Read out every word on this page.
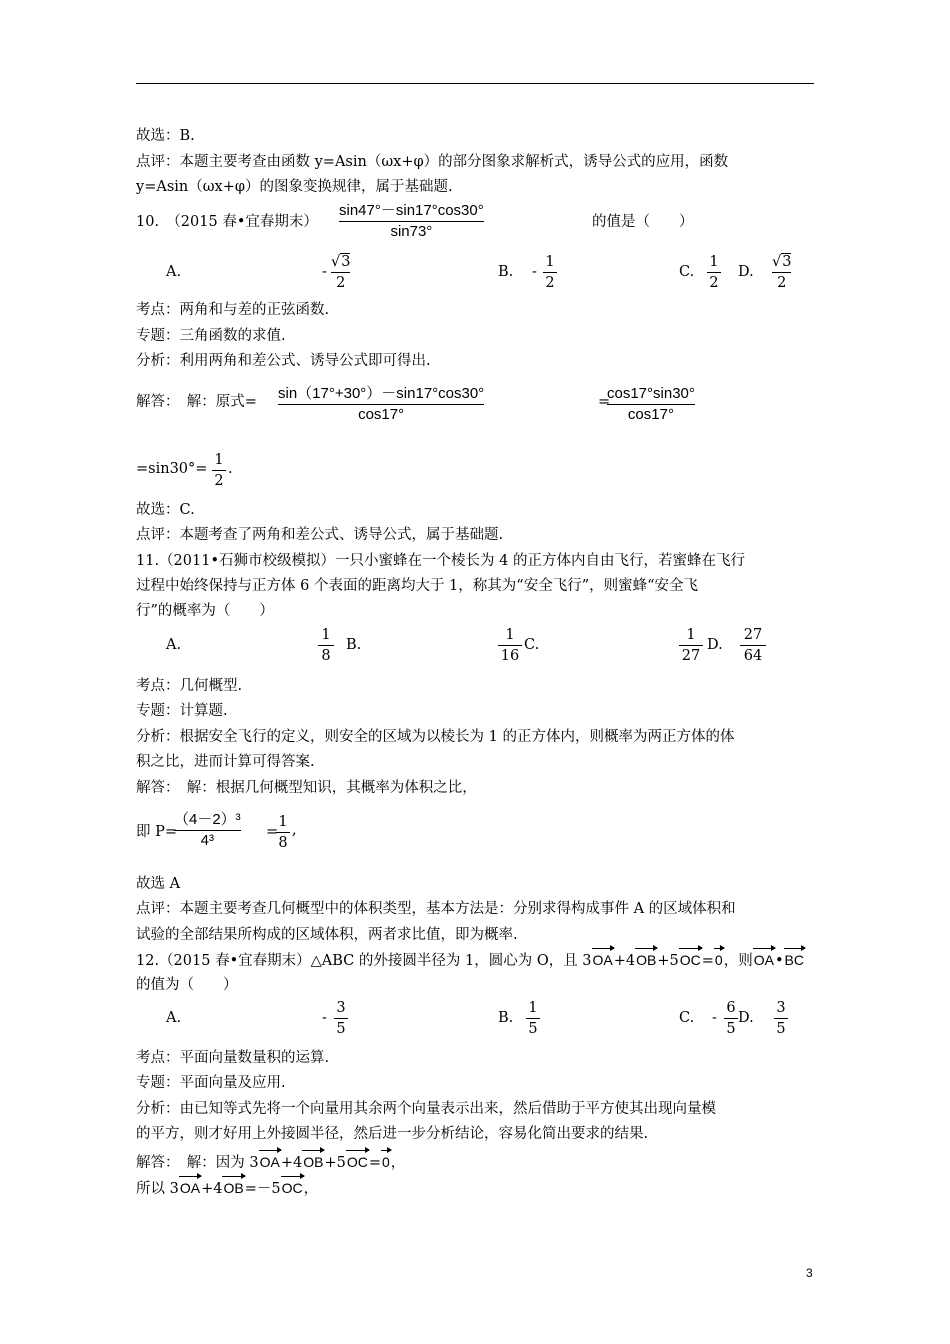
故选：B.
点评：本题主要考查由函数 y=Asin（ωx+φ）的部分图象求解析式，诱导公式的应用，函数
y=Asin（ωx+φ）的图象变换规律，属于基础题.
10.　（2015 春•宜春期末）
sin47°－sin17°cos30°
sin73°
的值是（　　）
A.	-
√3
2
B. -
1
2
C.
1
2
D.
√3
2
考点：两角和与差的正弦函数.
专题：三角函数的求值.
分析：利用两角和差公式、诱导公式即可得出.
解答：　解：原式= sin（17°+30°）－sin17°cos30°
cos17°
=
cos17°sin30°
cos17°
=sin30°=
1
2
.
故选：C.
点评：本题考查了两角和差公式、诱导公式，属于基础题.
11.（2011•石狮市校级模拟）一只小蜜蜂在一个棱长为 4 的正方体内自由飞行，若蜜蜂在飞行
过程中始终保持与正方体 6 个表面的距离均大于 1，称其为“安全飞行”，则蜜蜂“安全飞
行”的概率为（　　）
A.
1
8
B.
1
16
C.
1
27
D.
27
64
考点：几何概型.
专题：计算题.
分析：根据安全飞行的定义，则安全的区域为以棱长为 1 的正方体内，则概率为两正方体的体
积之比，进而计算可得答案.
解答：　解：根据几何概型知识，其概率为体积之比，
即 P=
（4－2）³
4³	=
1
8
,
故选 A
点评：本题主要考查几何概型中的体积类型，基本方法是：分别求得构成事件 A 的区域体积和
试验的全部结果所构成的区域体积，两者求比值，即为概率.
12.（2015 春•宜春期末）△ABC 的外接圆半径为 1，圆心为 O，且 3OA+4OB+5OC=0，则OA•BC
的值为（　　）
A.	-
3
5
B.
1
5
C. -
6
5
D.
3
5
考点：平面向量数量积的运算.
专题：平面向量及应用.
分析：由已知等式先将一个向量用其余两个向量表示出来，然后借助于平方使其出现向量模
的平方，则才好用上外接圆半径，然后进一步分析结论，容易化简出要求的结果.
解答：　解：因为 3OA+4OB+5OC=0，
所以 3OA+4OB=－5OC，
3
